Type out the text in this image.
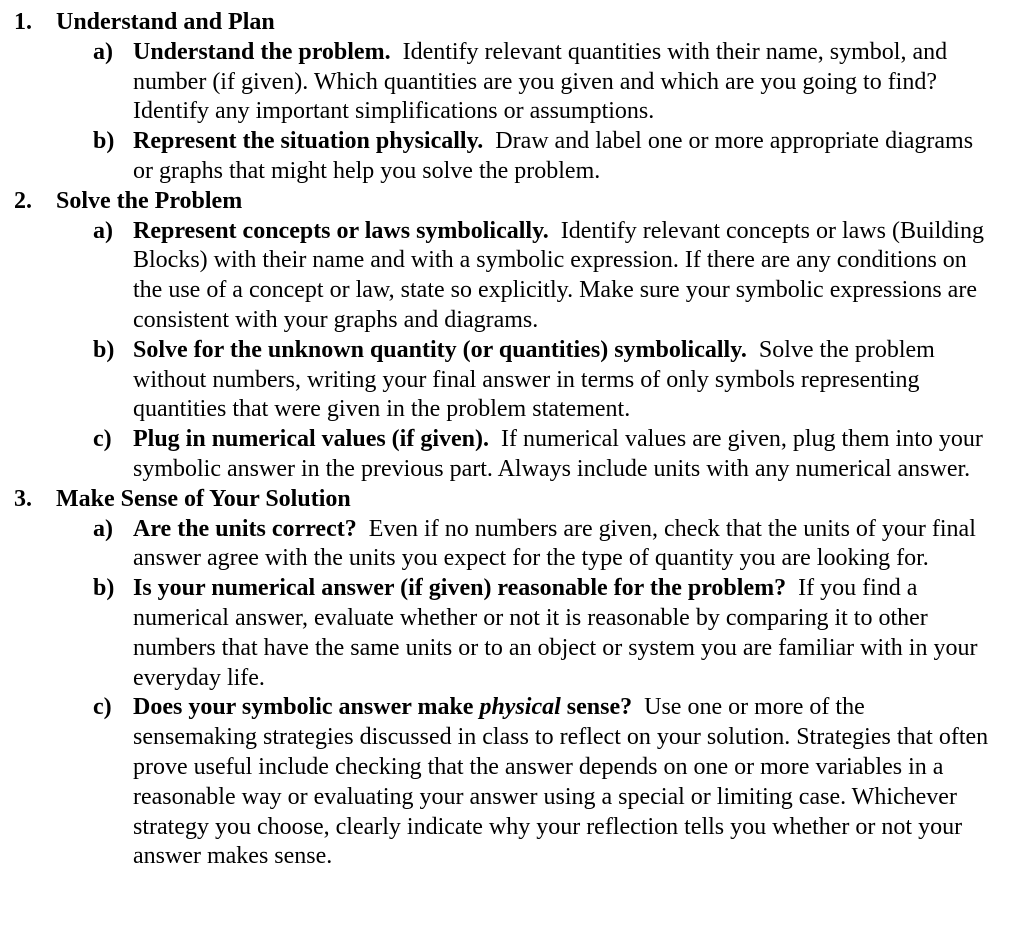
1. Understand and Plan
a) Understand the problem. Identify relevant quantities with their name, symbol, and number (if given). Which quantities are you given and which are you going to find? Identify any important simplifications or assumptions.
b) Represent the situation physically. Draw and label one or more appropriate diagrams or graphs that might help you solve the problem.
2. Solve the Problem
a) Represent concepts or laws symbolically. Identify relevant concepts or laws (Building Blocks) with their name and with a symbolic expression. If there are any conditions on the use of a concept or law, state so explicitly. Make sure your symbolic expressions are consistent with your graphs and diagrams.
b) Solve for the unknown quantity (or quantities) symbolically. Solve the problem without numbers, writing your final answer in terms of only symbols representing quantities that were given in the problem statement.
c) Plug in numerical values (if given). If numerical values are given, plug them into your symbolic answer in the previous part. Always include units with any numerical answer.
3. Make Sense of Your Solution
a) Are the units correct? Even if no numbers are given, check that the units of your final answer agree with the units you expect for the type of quantity you are looking for.
b) Is your numerical answer (if given) reasonable for the problem? If you find a numerical answer, evaluate whether or not it is reasonable by comparing it to other numbers that have the same units or to an object or system you are familiar with in your everyday life.
c) Does your symbolic answer make physical sense? Use one or more of the sensemaking strategies discussed in class to reflect on your solution. Strategies that often prove useful include checking that the answer depends on one or more variables in a reasonable way or evaluating your answer using a special or limiting case. Whichever strategy you choose, clearly indicate why your reflection tells you whether or not your answer makes sense.
